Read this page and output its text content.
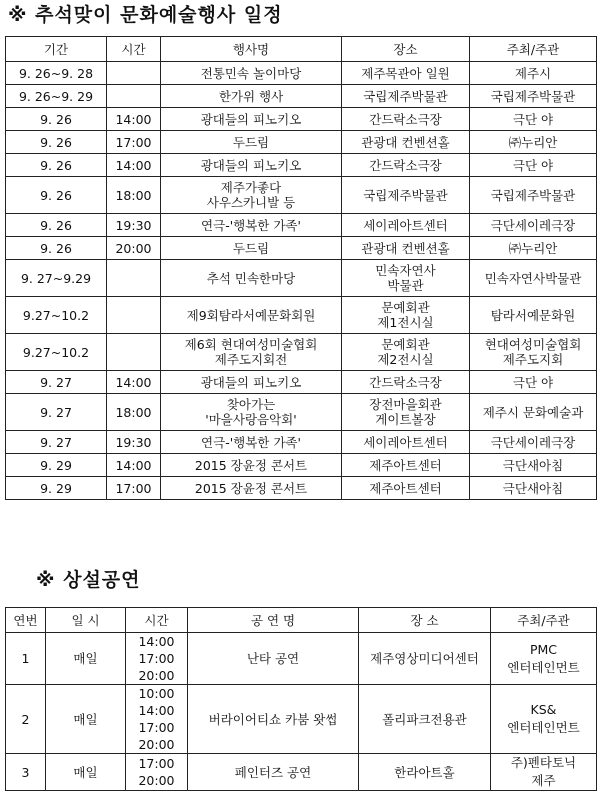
※ 추석맞이 문화예술행사 일정
기간	시간	행사명	장소	주최/주관
9. 26~9. 28		전통민속 놀이마당	제주목관아 일원	제주시

9. 26~9. 29		한가위 행사	국립제주박물관	국립제주박물관

9. 26	14:00	광대들의 피노키오	간드락소극장	극단 야

9. 26	17:00	두드림	관광대 컨벤션홀	㈜누리안

9. 26	14:00	광대들의 피노키오	간드락소극장	극단 야

9. 26	18:00	제주가좋다
사우스카니발 등	국립제주박물관	국립제주박물관

9. 26	19:30	연극-'행복한 가족'	세이레아트센터	극단세이레극장

9. 26	20:00	두드림	관광대 컨벤션홀	㈜누리안

9. 27~9.29		추석 민속한마당	민속자연사
박물관	민속자연사박물관

9.27~10.2		제9회탐라서예문화회원	문예회관
제1전시실	탐라서예문화원

9.27~10.2		제6회 현대여성미술협회
제주도지회전	문예회관
제2전시실	현대여성미술협회
제주도지회

9. 27	14:00	광대들의 피노키오	간드락소극장	극단 야

9. 27	18:00	찾아가는
'마을사랑음악회'	장전마을회관
게이트볼장	제주시 문화예술과

9. 27	19:30	연극-'행복한 가족'	세이레아트센터	극단세이레극장

9. 29	14:00	2015 장윤정 콘서트	제주아트센터	극단새아침

9. 29	17:00	2015 장윤정 콘서트	제주아트센터	극단새아침
※ 상설공연
연번	일 시	시간	공 연 명	장 소	주최/주관
1	매일	14:00
17:00
20:00	난타 공연	제주영상미디어센터	PMC
엔터테인먼트

2	매일	10:00
14:00
17:00
20:00	버라이어티쇼 카붐 왓썹	폴리파크전용관	KS&
엔터테인먼트

3	매일	17:00
20:00	페인터즈 공연	한라아트홀	주)펜타토닉
제주
